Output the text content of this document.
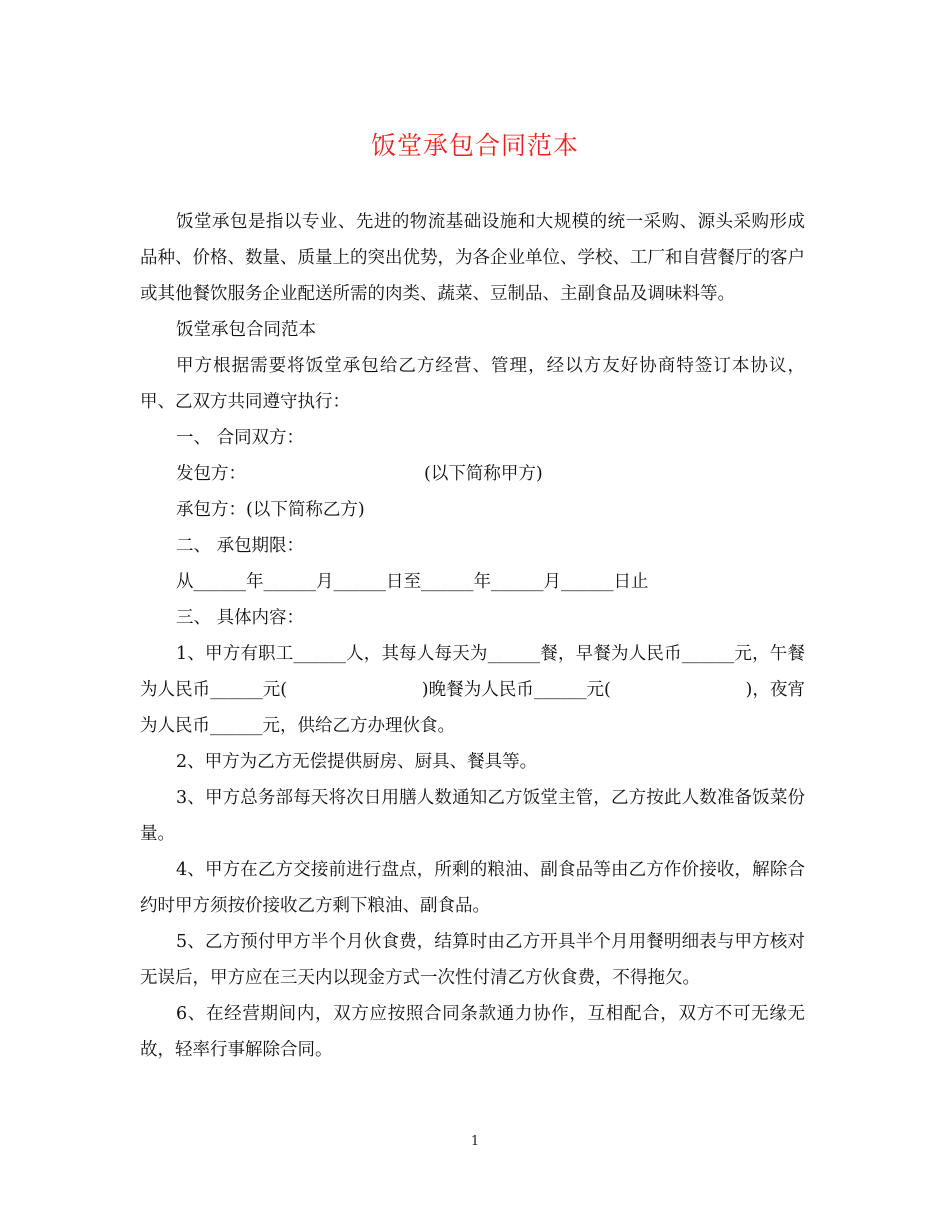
饭堂承包合同范本

饭堂承包是指以专业、先进的物流基础设施和大规模的统一采购、源头采购形成品种、价格、数量、质量上的突出优势，为各企业单位、学校、工厂和自营餐厅的客户或其他餐饮服务企业配送所需的肉类、蔬菜、豆制品、主副食品及调味料等。

饭堂承包合同范本

甲方根据需要将饭堂承包给乙方经营、管理，经以方友好协商特签订本协议，甲、乙双方共同遵守执行：

一、 合同双方：

发包方：                                (以下简称甲方)

承包方：(以下简称乙方)

二、 承包期限：

从______年______月______日至______年______月______日止

三、 具体内容：

1、甲方有职工______人，其每人每天为______餐，早餐为人民币______元，午餐为人民币______元(                        )晚餐为人民币______元(                        )，夜宵为人民币______元，供给乙方办理伙食。

2、甲方为乙方无偿提供厨房、厨具、餐具等。

3、甲方总务部每天将次日用膳人数通知乙方饭堂主管，乙方按此人数准备饭菜份量。

4、甲方在乙方交接前进行盘点，所剩的粮油、副食品等由乙方作价接收，解除合约时甲方须按价接收乙方剩下粮油、副食品。

5、乙方预付甲方半个月伙食费，结算时由乙方开具半个月用餐明细表与甲方核对无误后，甲方应在三天内以现金方式一次性付清乙方伙食费，不得拖欠。

6、在经营期间内，双方应按照合同条款通力协作，互相配合，双方不可无缘无故，轻率行事解除合同。

1
